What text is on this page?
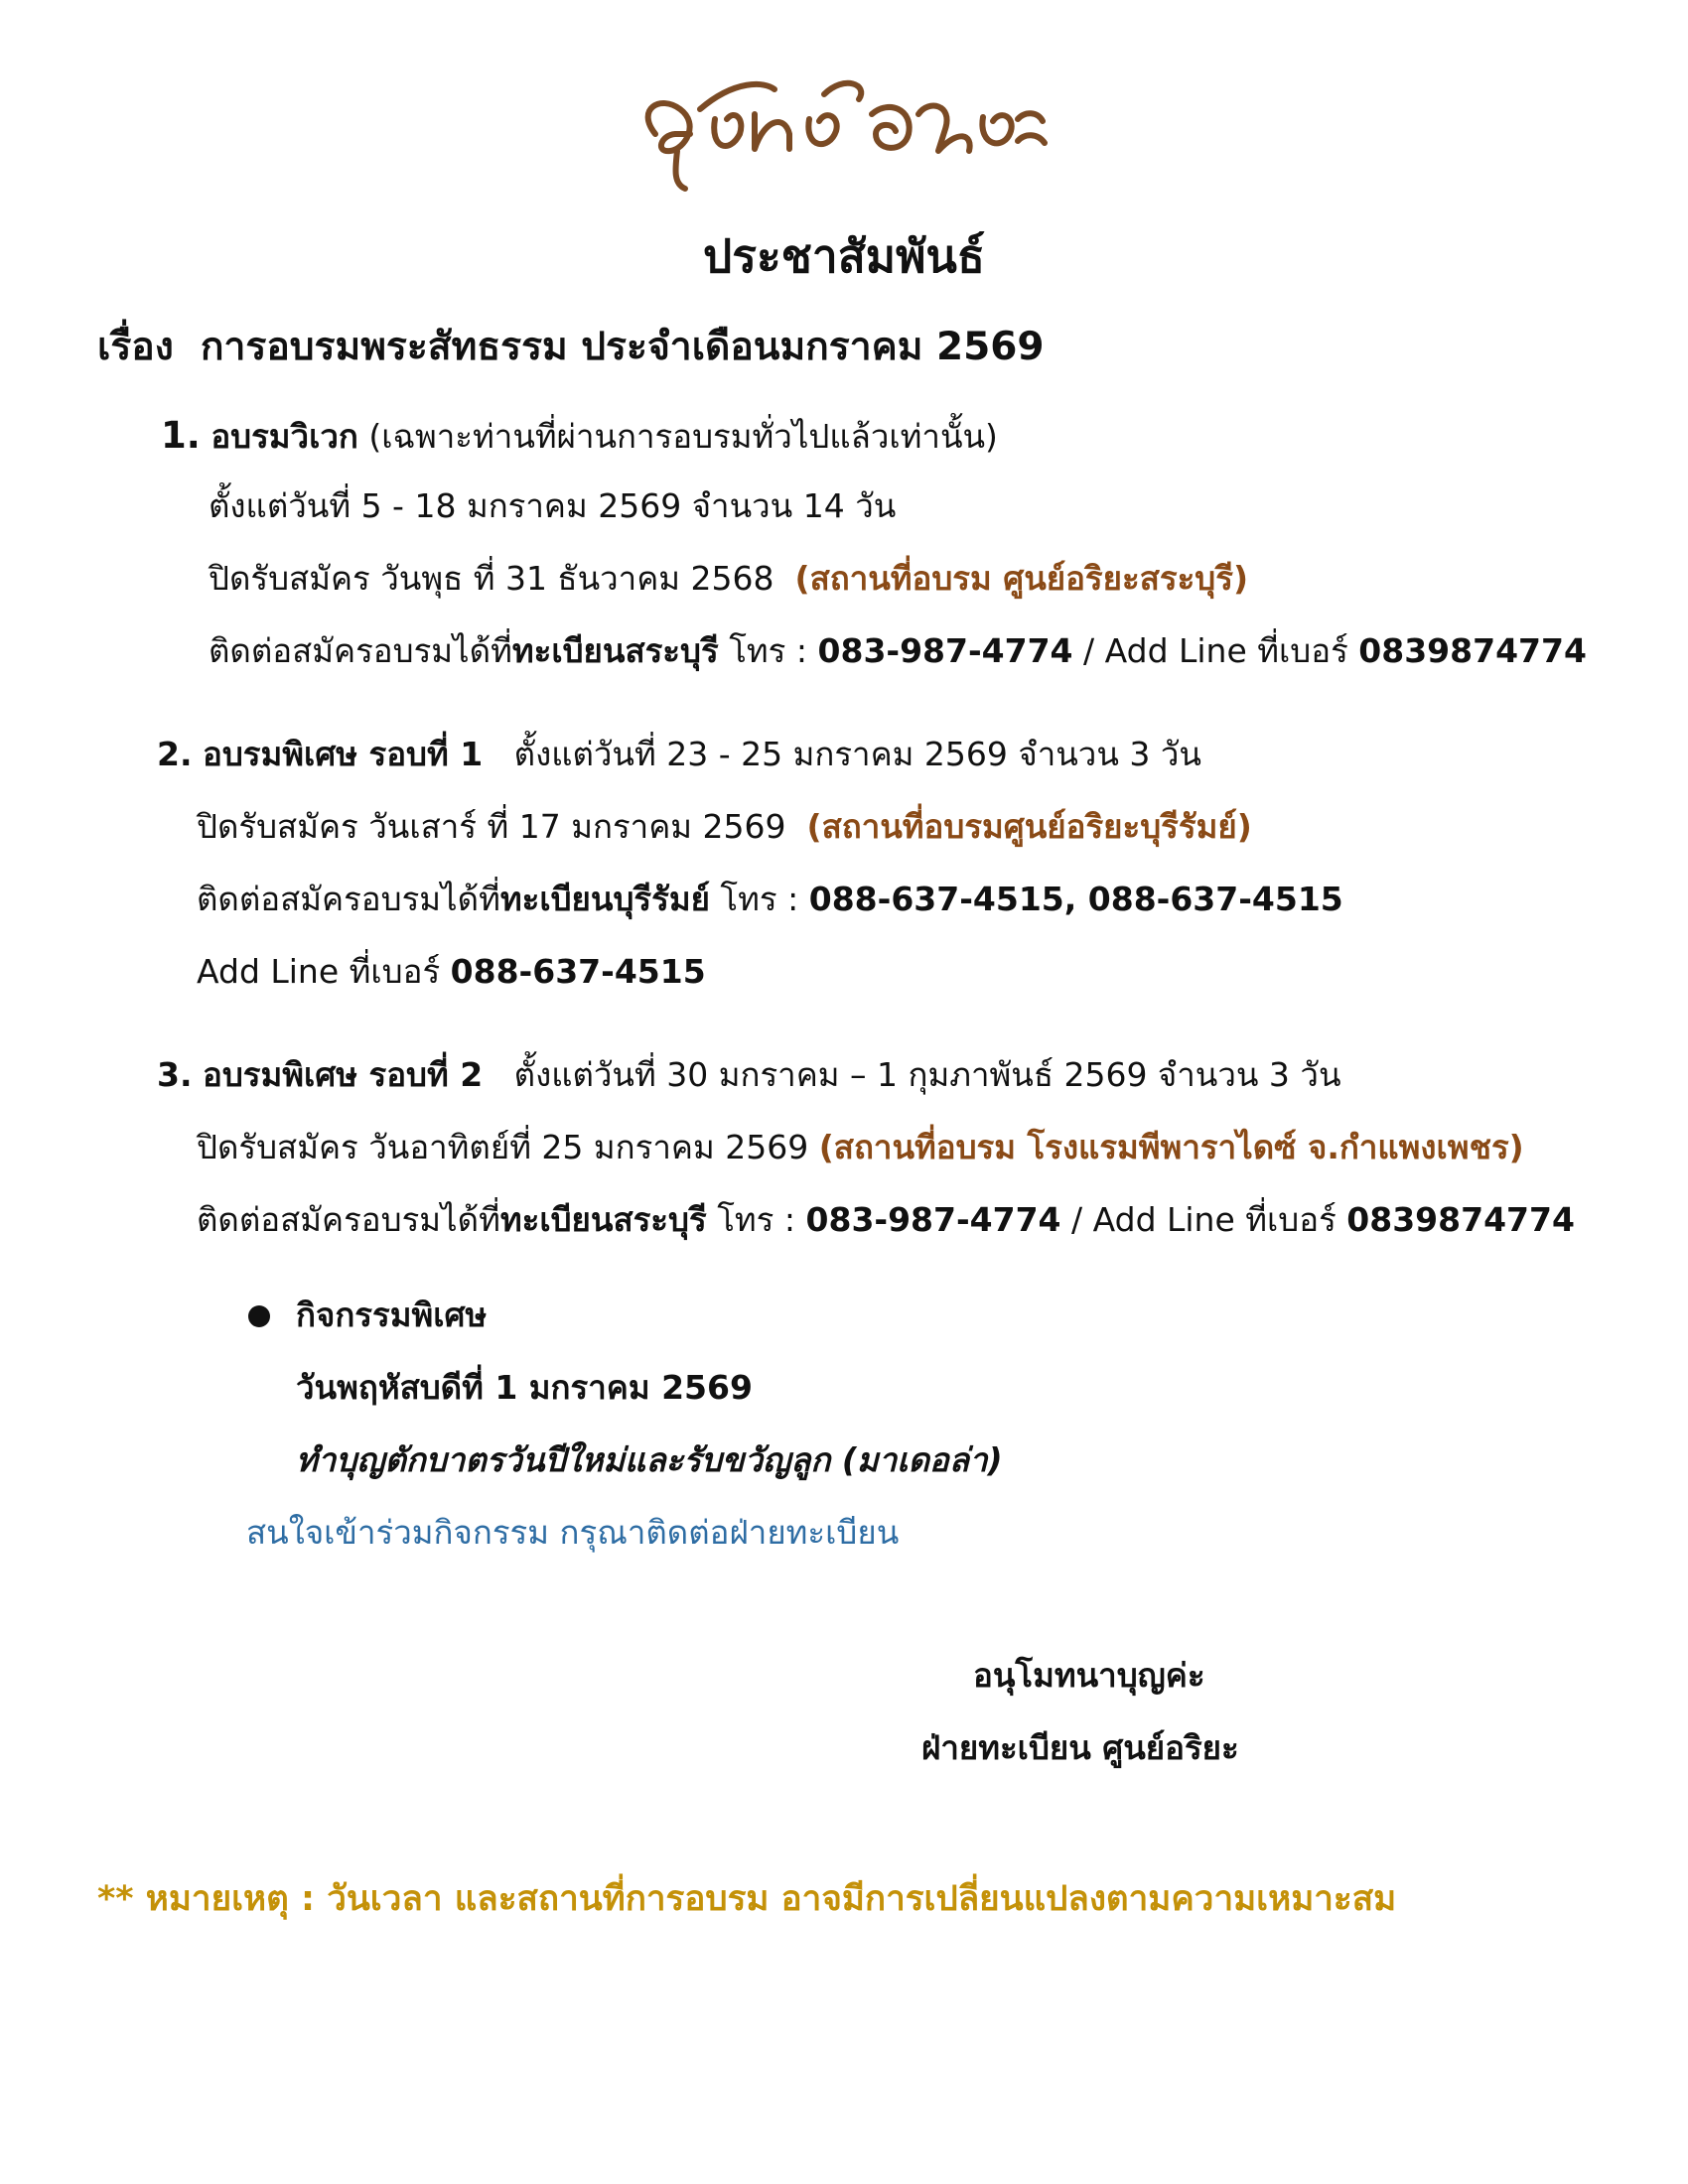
ประชาสัมพันธ์
เรื่อง การอบรมพระสัทธรรม ประจำเดือนมกราคม 2569
1. อบรมวิเวก (เฉพาะท่านที่ผ่านการอบรมทั่วไปแล้วเท่านั้น)
ตั้งแต่วันที่ 5 - 18 มกราคม 2569 จำนวน 14 วัน
ปิดรับสมัคร วันพุธ ที่ 31 ธันวาคม 2568 (สถานที่อบรม ศูนย์อริยะสระบุรี)
ติดต่อสมัครอบรมได้ที่ทะเบียนสระบุรี โทร : 083-987-4774 / Add Line ที่เบอร์ 0839874774
2. อบรมพิเศษ รอบที่ 1 ตั้งแต่วันที่ 23 - 25 มกราคม 2569 จำนวน 3 วัน
ปิดรับสมัคร วันเสาร์ ที่ 17 มกราคม 2569 (สถานที่อบรมศูนย์อริยะบุรีรัมย์)
ติดต่อสมัครอบรมได้ที่ทะเบียนบุรีรัมย์ โทร : 088-637-4515, 088-637-4515
Add Line ที่เบอร์ 088-637-4515
3. อบรมพิเศษ รอบที่ 2 ตั้งแต่วันที่ 30 มกราคม – 1 กุมภาพันธ์ 2569 จำนวน 3 วัน
ปิดรับสมัคร วันอาทิตย์ที่ 25 มกราคม 2569 (สถานที่อบรม โรงแรมพีพาราไดซ์ จ.กำแพงเพชร)
ติดต่อสมัครอบรมได้ที่ทะเบียนสระบุรี โทร : 083-987-4774 / Add Line ที่เบอร์ 0839874774
กิจกรรมพิเศษ
วันพฤหัสบดีที่ 1 มกราคม 2569
ทำบุญตักบาตรวันปีใหม่และรับขวัญลูก (มาเดอล่า)
สนใจเข้าร่วมกิจกรรม กรุณาติดต่อฝ่ายทะเบียน
อนุโมทนาบุญค่ะ
ฝ่ายทะเบียน ศูนย์อริยะ
** หมายเหตุ : วันเวลา และสถานที่การอบรม อาจมีการเปลี่ยนแปลงตามความเหมาะสม
